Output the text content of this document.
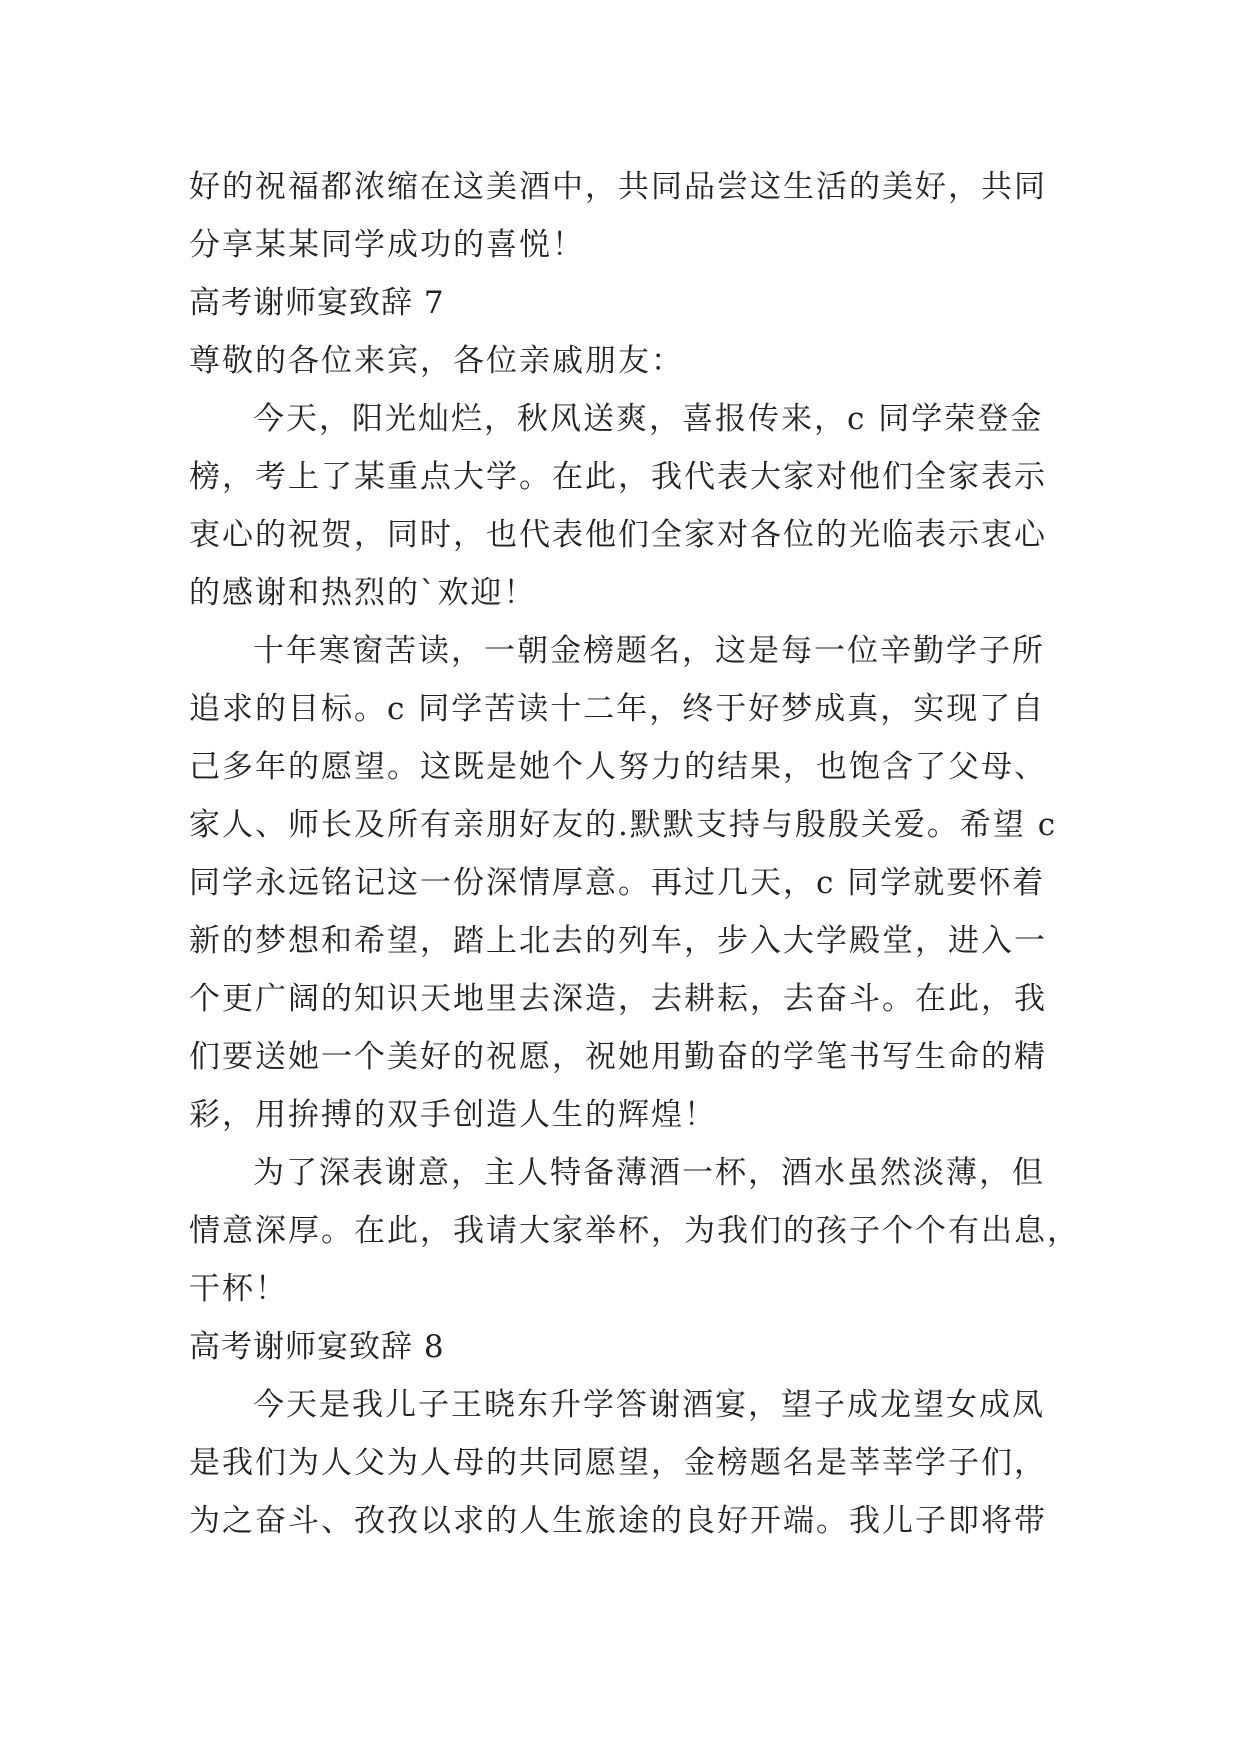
好的祝福都浓缩在这美酒中，共同品尝这生活的美好，共同
分享某某同学成功的喜悦！
高考谢师宴致辞 7
尊敬的各位来宾，各位亲戚朋友：
今天，阳光灿烂，秋风送爽，喜报传来，c 同学荣登金
榜，考上了某重点大学。在此，我代表大家对他们全家表示
衷心的祝贺，同时，也代表他们全家对各位的光临表示衷心
的感谢和热烈的`欢迎！
十年寒窗苦读，一朝金榜题名，这是每一位辛勤学子所
追求的目标。c 同学苦读十二年，终于好梦成真，实现了自
己多年的愿望。这既是她个人努力的结果，也饱含了父母、
家人、师长及所有亲朋好友的.默默支持与殷殷关爱。希望 c
同学永远铭记这一份深情厚意。再过几天，c 同学就要怀着
新的梦想和希望，踏上北去的列车，步入大学殿堂，进入一
个更广阔的知识天地里去深造，去耕耘，去奋斗。在此，我
们要送她一个美好的祝愿，祝她用勤奋的学笔书写生命的精
彩，用拚搏的双手创造人生的辉煌！
为了深表谢意，主人特备薄酒一杯，酒水虽然淡薄，但
情意深厚。在此，我请大家举杯，为我们的孩子个个有出息，
干杯！
高考谢师宴致辞 8
今天是我儿子王晓东升学答谢酒宴，望子成龙望女成凤
是我们为人父为人母的共同愿望，金榜题名是莘莘学子们，
为之奋斗、孜孜以求的人生旅途的良好开端。我儿子即将带
